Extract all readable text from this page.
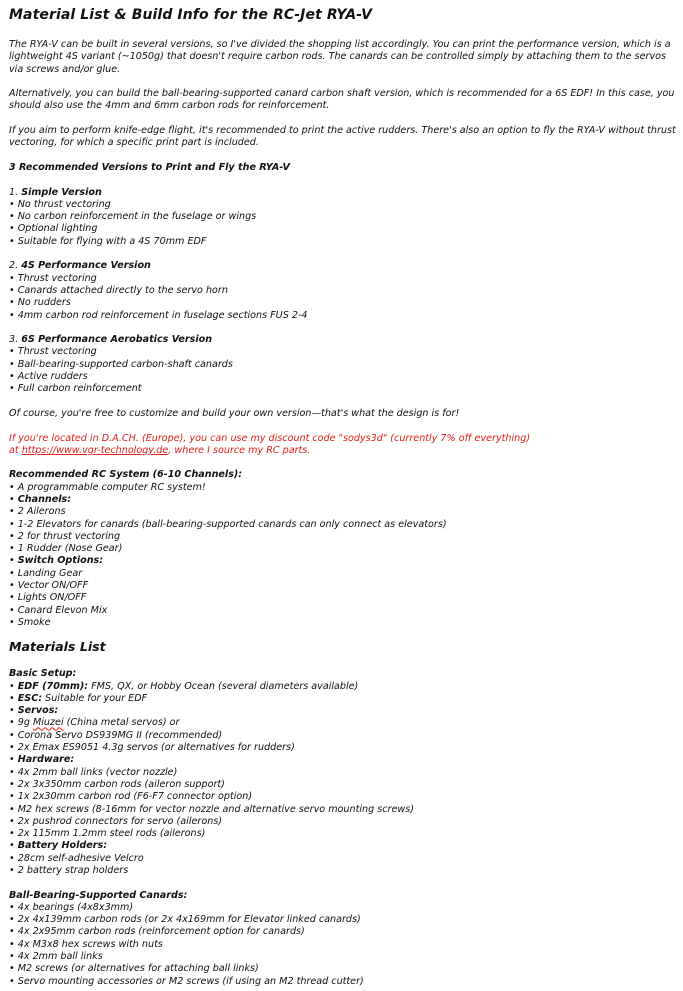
Material List & Build Info for the RC-Jet RYA-V

The RYA-V can be built in several versions, so I've divided the shopping list accordingly. You can print the performance version, which is a lightweight 4S variant (~1050g) that doesn't require carbon rods. The canards can be controlled simply by attaching them to the servos via screws and/or glue.

Alternatively, you can build the ball-bearing-supported canard carbon shaft version, which is recommended for a 6S EDF! In this case, you should also use the 4mm and 6mm carbon rods for reinforcement.

If you aim to perform knife-edge flight, it's recommended to print the active rudders. There's also an option to fly the RYA-V without thrust vectoring, for which a specific print part is included.

3 Recommended Versions to Print and Fly the RYA-V

1. Simple Version
• No thrust vectoring
• No carbon reinforcement in the fuselage or wings
• Optional lighting
• Suitable for flying with a 4S 70mm EDF
2. 4S Performance Version
• Thrust vectoring
• Canards attached directly to the servo horn
• No rudders
• 4mm carbon rod reinforcement in fuselage sections FUS 2-4
3. 6S Performance Aerobatics Version
• Thrust vectoring
• Ball-bearing-supported carbon-shaft canards
• Active rudders
• Full carbon reinforcement

Of course, you're free to customize and build your own version—that's what the design is for!

If you're located in D.A.CH. (Europe), you can use my discount code "sodys3d" (currently 7% off everything)
at https://www.vgr-technology.de, where I source my RC parts.

Recommended RC System (6-10 Channels):
• A programmable computer RC system!
• Channels:
• 2 Ailerons
• 1-2 Elevators for canards (ball-bearing-supported canards can only connect as elevators)
• 2 for thrust vectoring
• 1 Rudder (Nose Gear)
• Switch Options:
• Landing Gear
• Vector ON/OFF
• Lights ON/OFF
• Canard Elevon Mix
• Smoke
Materials List
Basic Setup:
• EDF (70mm): FMS, QX, or Hobby Ocean (several diameters available)
• ESC: Suitable for your EDF
• Servos:
• 9g Miuzei (China metal servos) or
• Corona Servo DS939MG II (recommended)
• 2x Emax ES9051 4.3g servos (or alternatives for rudders)
• Hardware:
• 4x 2mm ball links (vector nozzle)
• 2x 3x350mm carbon rods (aileron support)
• 1x 2x30mm carbon rod (F6-F7 connector option)
• M2 hex screws (8-16mm for vector nozzle and alternative servo mounting screws)
• 2x pushrod connectors for servo (ailerons)
• 2x 115mm 1.2mm steel rods (ailerons)
• Battery Holders:
• 28cm self-adhesive Velcro
• 2 battery strap holders
Ball-Bearing-Supported Canards:
• 4x bearings (4x8x3mm)
• 2x 4x139mm carbon rods (or 2x 4x169mm for Elevator linked canards)
• 4x 2x95mm carbon rods (reinforcement option for canards)
• 4x M3x8 hex screws with nuts
• 4x 2mm ball links
• M2 screws (or alternatives for attaching ball links)
• Servo mounting accessories or M2 screws (if using an M2 thread cutter)
